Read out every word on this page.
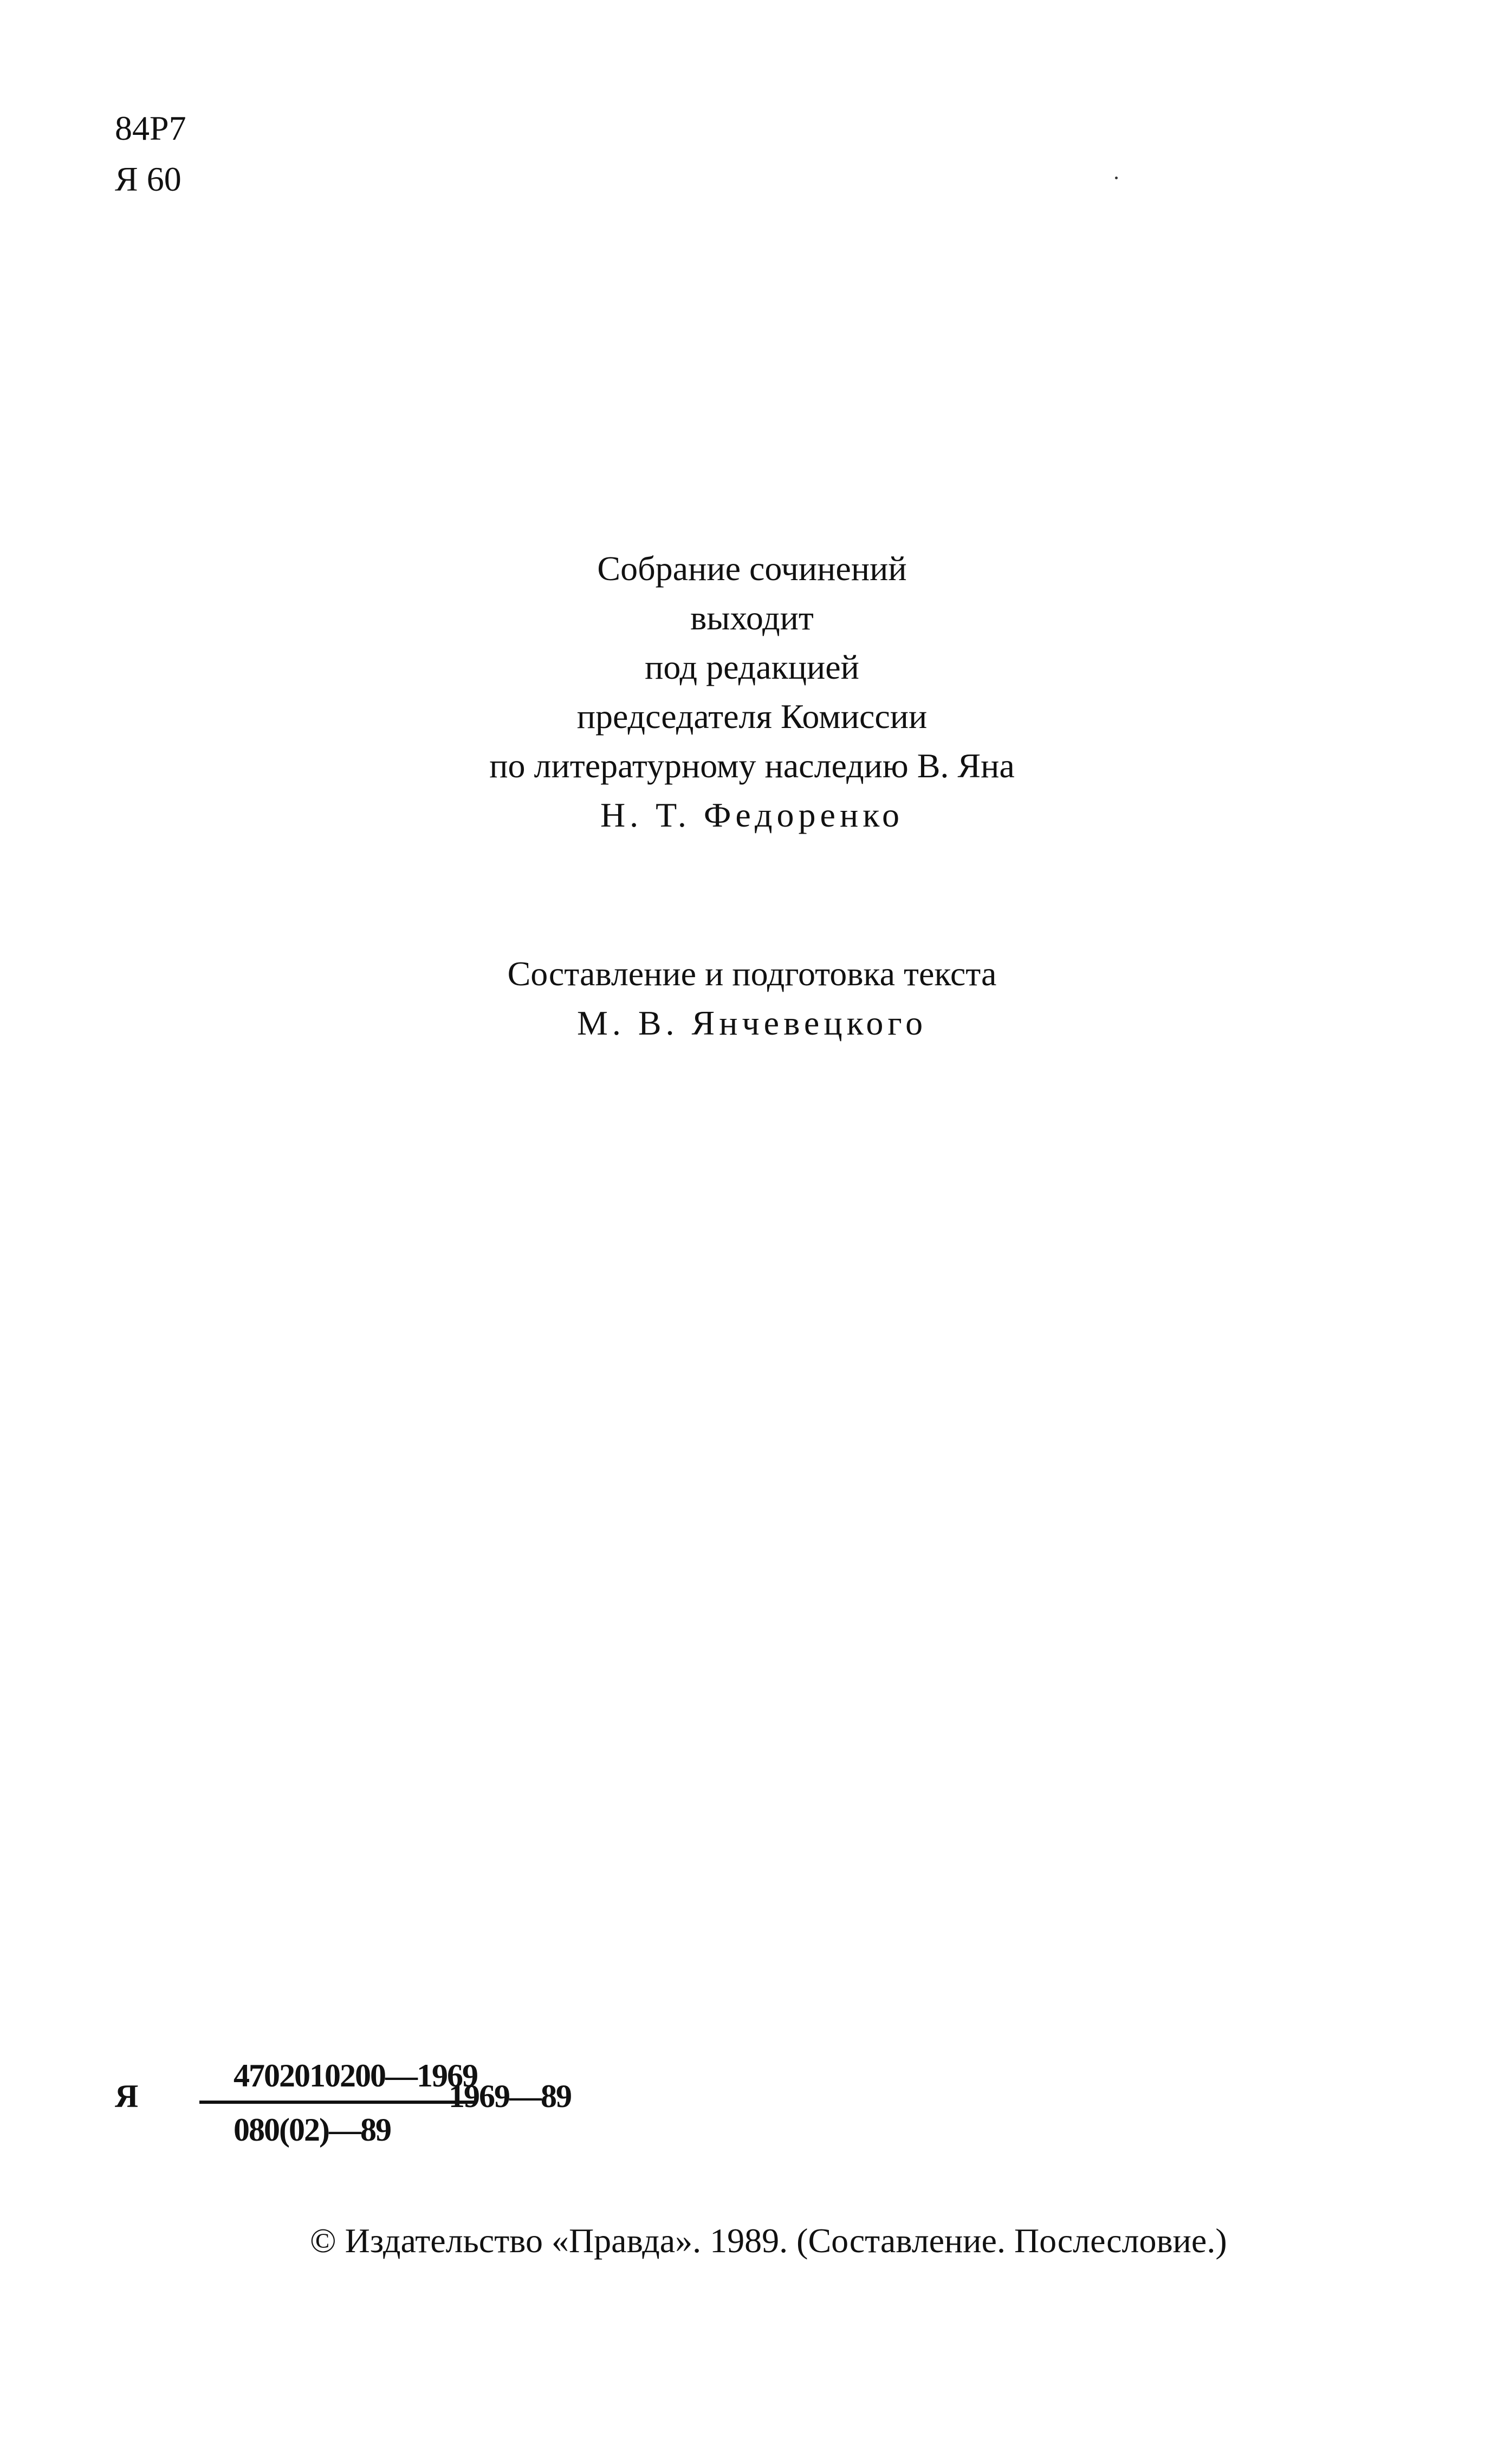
84Р7
Я 60
Собрание сочинений
выходит
под редакцией
председателя Комиссии
по литературному наследию В. Яна
Н. Т. Федоренко
Составление и подготовка текста
М. В. Янчевецкого
Я
4702010200—1969
080(02)—89
1969—89
© Издательство «Правда». 1989. (Составление. Послесловие.)
